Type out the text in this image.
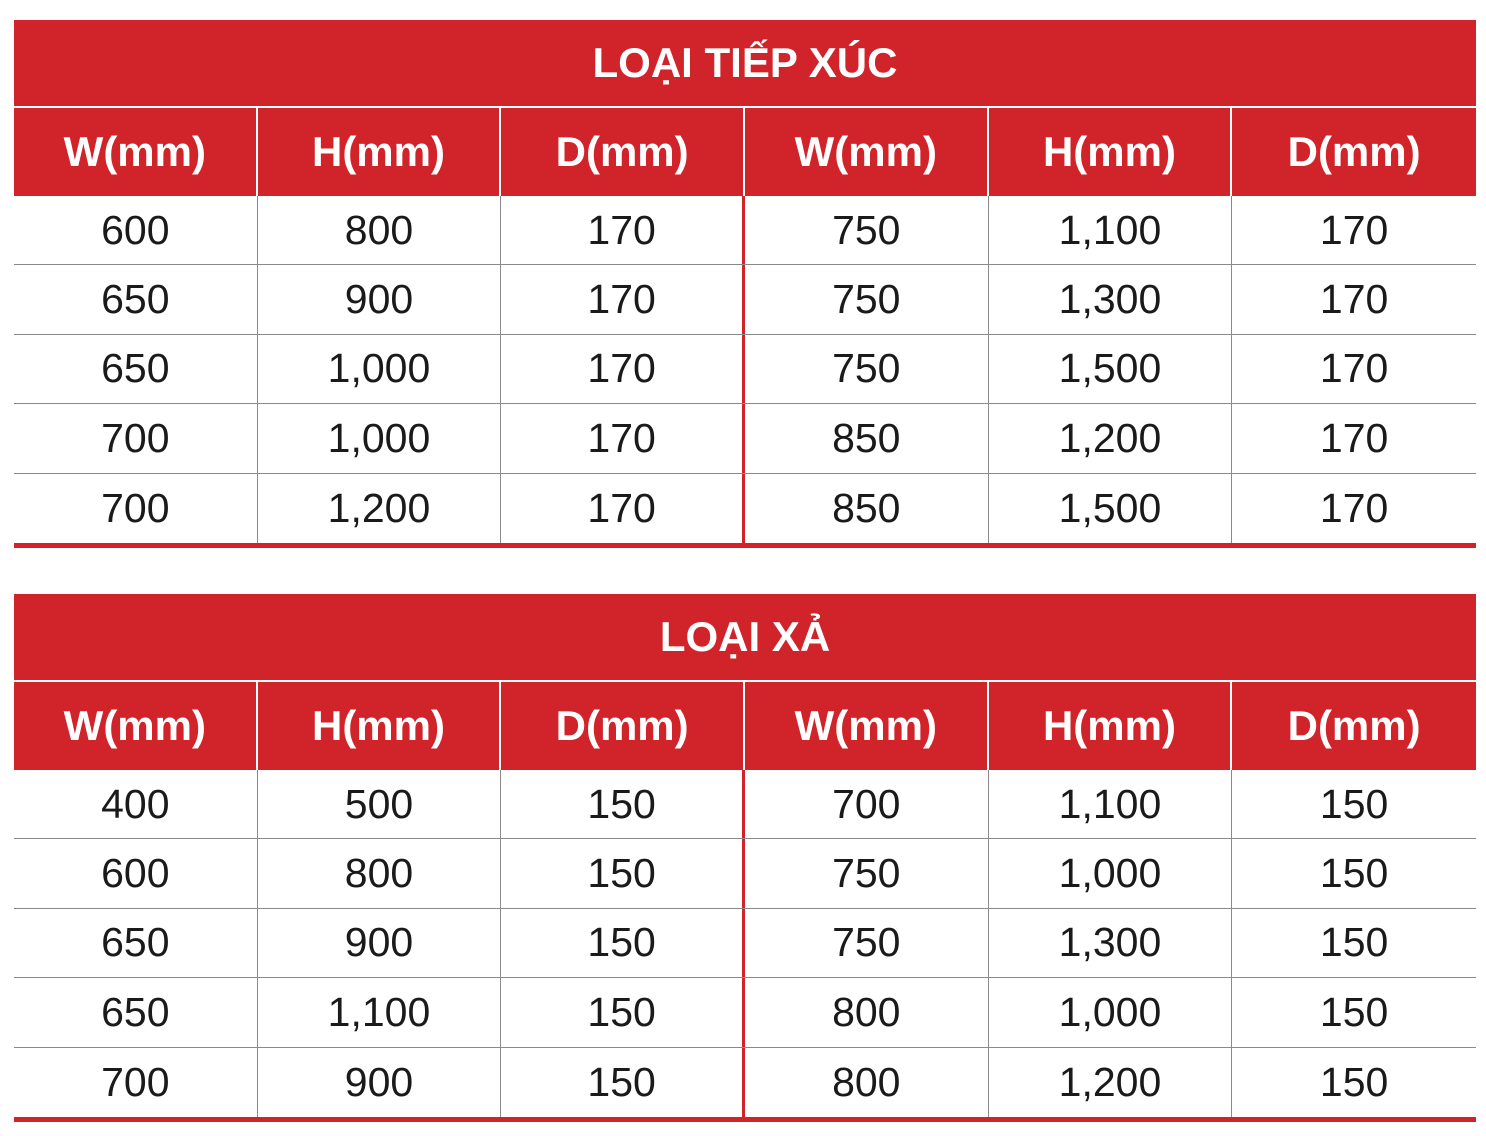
LOẠI TIẾP XÚC
W(mm)	H(mm)	D(mm)	W(mm)	H(mm)	D(mm)
600	800	170	750	1,100	170
650	900	170	750	1,300	170
650	1,000	170	750	1,500	170
700	1,000	170	850	1,200	170
700	1,200	170	850	1,500	170
LOẠI XẢ
W(mm)	H(mm)	D(mm)	W(mm)	H(mm)	D(mm)
400	500	150	700	1,100	150
600	800	150	750	1,000	150
650	900	150	750	1,300	150
650	1,100	150	800	1,000	150
700	900	150	800	1,200	150
